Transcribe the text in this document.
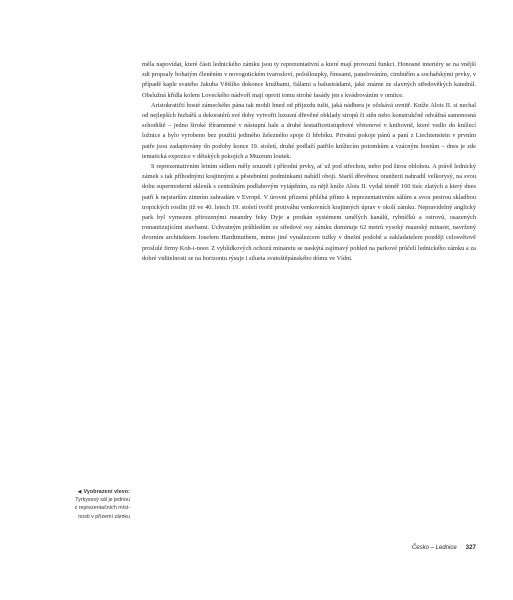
měla napovídat, které části lednického zámku jsou ty reprezentativní a které mají provozní funkci. Honosné interiéry se na vnější zdi propsaly bohatým členěním v novogotickém tvarosloví, pološloupky, římsami, panelováním, cimbuřím a sochařskými prvky, v případě kaple svatého Jakuba Většího dokonce kružbami, fiálami a balustrádami, jaké známe ze slavných středověkých katedrál. Obslužná křídla kolem Loveckého nádvoří mají oproti tomu strohé fasády jen s kvádrováním v omítce.

Aristokratičtí hosté zámeckého pána tak mohli hned od příjezdu tušit, jaká nádhera je očekává uvnitř. Kníže Alois II. si nechal od nejlepších řezbářů a dekoratérů své doby vytvořit luxusní dřevěné obklady stropů či stěn nebo konstrukčně odvážná samonosná schodiště – jedno široké tříramenné v nástupní hale a druhé šestatřicetistupňové vřetenové v knihovně, které vedlo do knížecí ložnice a bylo vyrobeno bez použití jediného železného spoje či hřebíku. Privátní pokoje pánů a paní z Liechtenstein v prvním patře jsou zadaptovány do podoby konce 19. století, druhé podlaží patřilo knížecím potomkům a vzácným hostům – dnes je zde tematická expozice v dětských pokojích a Muzeum loutek.

S reprezentativním letním sídlem měly souznět i přírodní prvky, ať už pod střechou, nebo pod širou oblohou. A právě lednický zámek s tak příhodnými krajinnými a pěstebními podmínkami nabídl obojí. Starší dřevěnou oranžerii nahradil velkorysý, na svou dobu supermoderní skleník s centrálním podlahovým vytápěním, za nějž kníže Alois II. vydal téměř 160 tisíc zlatých a který dnes patří k nejstarším zimním zahradám v Evropě. V úrovni přízemí přiléhá přímo k reprezentativním sálům a svou pestrou skladbou tropických rostlin již ve 40. letech 19. století tvořil protiváhu venkovních krajinných úprav v okolí zámku. Nepravidelný anglický park byl vymezen přirozenými meandry řeky Dyje a protkán systémem umělých kanálů, rybníčků a ostrovů, osazených romantizujícími stavbami. Úchvatným průhledům ze středové osy zámku dominuje 62 metrů vysoký maurský minaret, navržený dvorním architektem Josefem Hardtmuthem, mimo jiné vynálezcem tužky v dnešní podobě a zakladatelem později celosvětově proslulé firmy Koh-i-noor. Z vyhlídkových ochozů minaretu se naskýtá zajímavý pohled na parkové průčelí lednického zámku a za dobré viditelnosti se na horizontu rýsuje i silueta svatoštěpánského dómu ve Vídni.

◀ Vyobrazení vlevo:
Tyrkysový sál je jednou
z reprezentačních míst-
ností v přízemí zámku
Česko – Lednice 327
